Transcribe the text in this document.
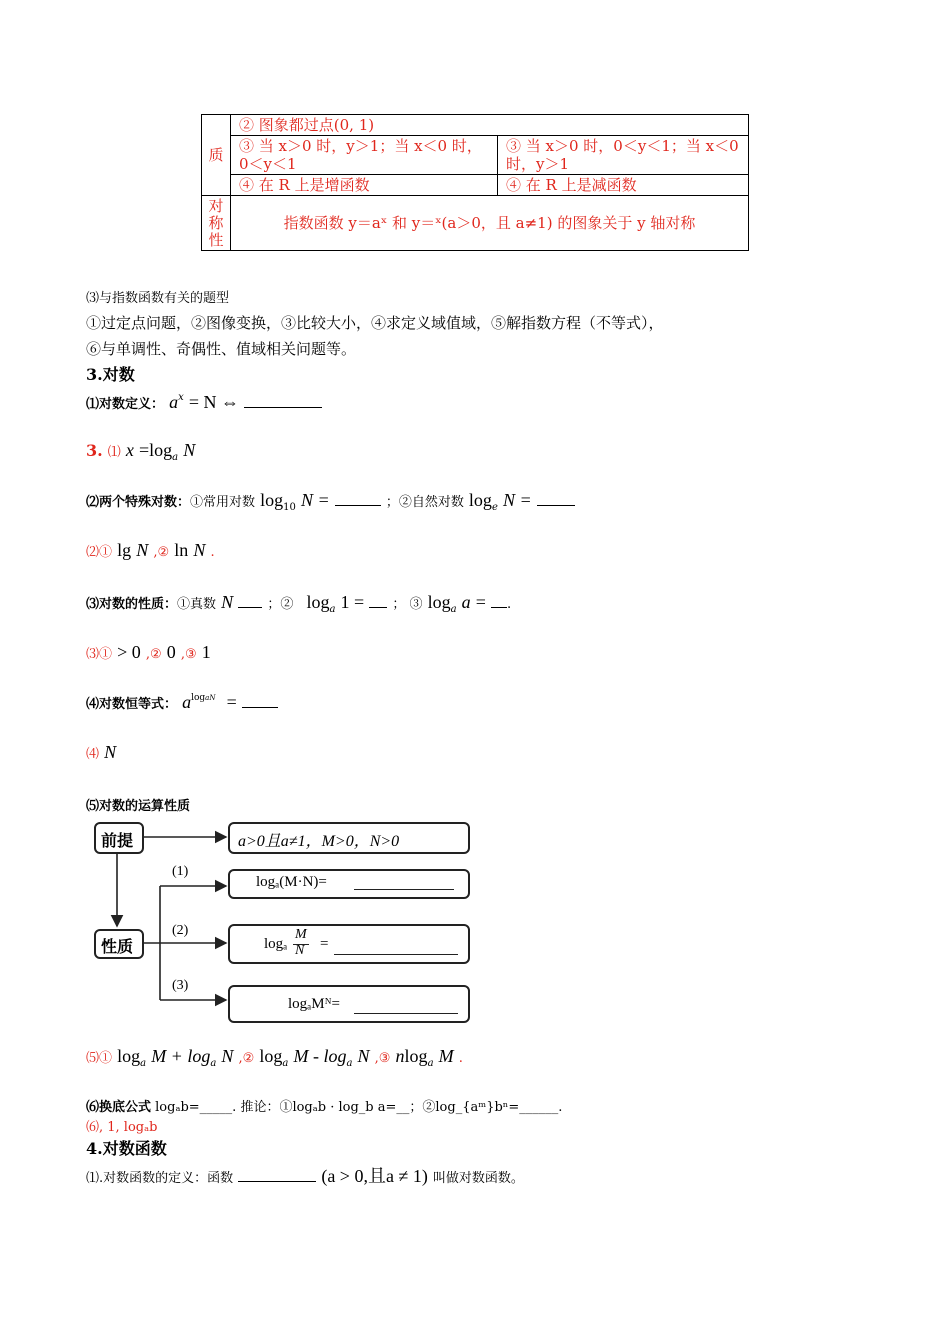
质	② 图象都过点(0, 1)	
	③ 当 x＞0 时，y＞1；当 x＜0 时，0＜y＜1	③ 当 x＞0 时，0＜y＜1；当 x＜0 时，y＞1
	④ 在 R 上是增函数	④ 在 R 上是减函数
对
称
性	指数函数 y＝aˣ 和 y＝ˣ(a＞0，且 a≠1) 的图象关于 y 轴对称	
⑶与指数函数有关的题型
①过定点问题，②图像变换，③比较大小，④求定义域值域，⑤解指数方程（不等式），
⑥与单调性、奇偶性、值域相关问题等。
3.对数
⑴对数定义： $a^x = N$ ⇔
3. ⑴ $x =\log_a$ N
⑵两个特殊对数：①常用对数 $\log_{10} N$ =	；②自然对数 $\log_e N$ =
⑵① lg N ,② ln N .
⑶对数的性质：①真数 N	；② $\log_a 1$ = ； ③ $\log_a a$ = .
⑶① > 0 ,② 0 ,③ 1
⑷对数恒等式： $a^{logaN}$ =
⑷ N
⑸对数的运算性质
前提	a>0且a≠1，M>0，N>0
(1)
logₐ(M·N)=
性质
(2)
logₐ
M
N =
(3)
logₐMᴺ=
⑸① $\log_a M + \log_a N$ ,② $\log_a M - \log_a N$ ,③ nlog$_a$ M .
⑹换底公式 logₐb=_____. 推论：①logₐb · log_b a=__；②log_{aᵐ}bⁿ=______.
⑹, 1, logₐb
4.对数函数
⑴.对数函数的定义：函数	(a > 0,且a ≠ 1) 叫做对数函数。
